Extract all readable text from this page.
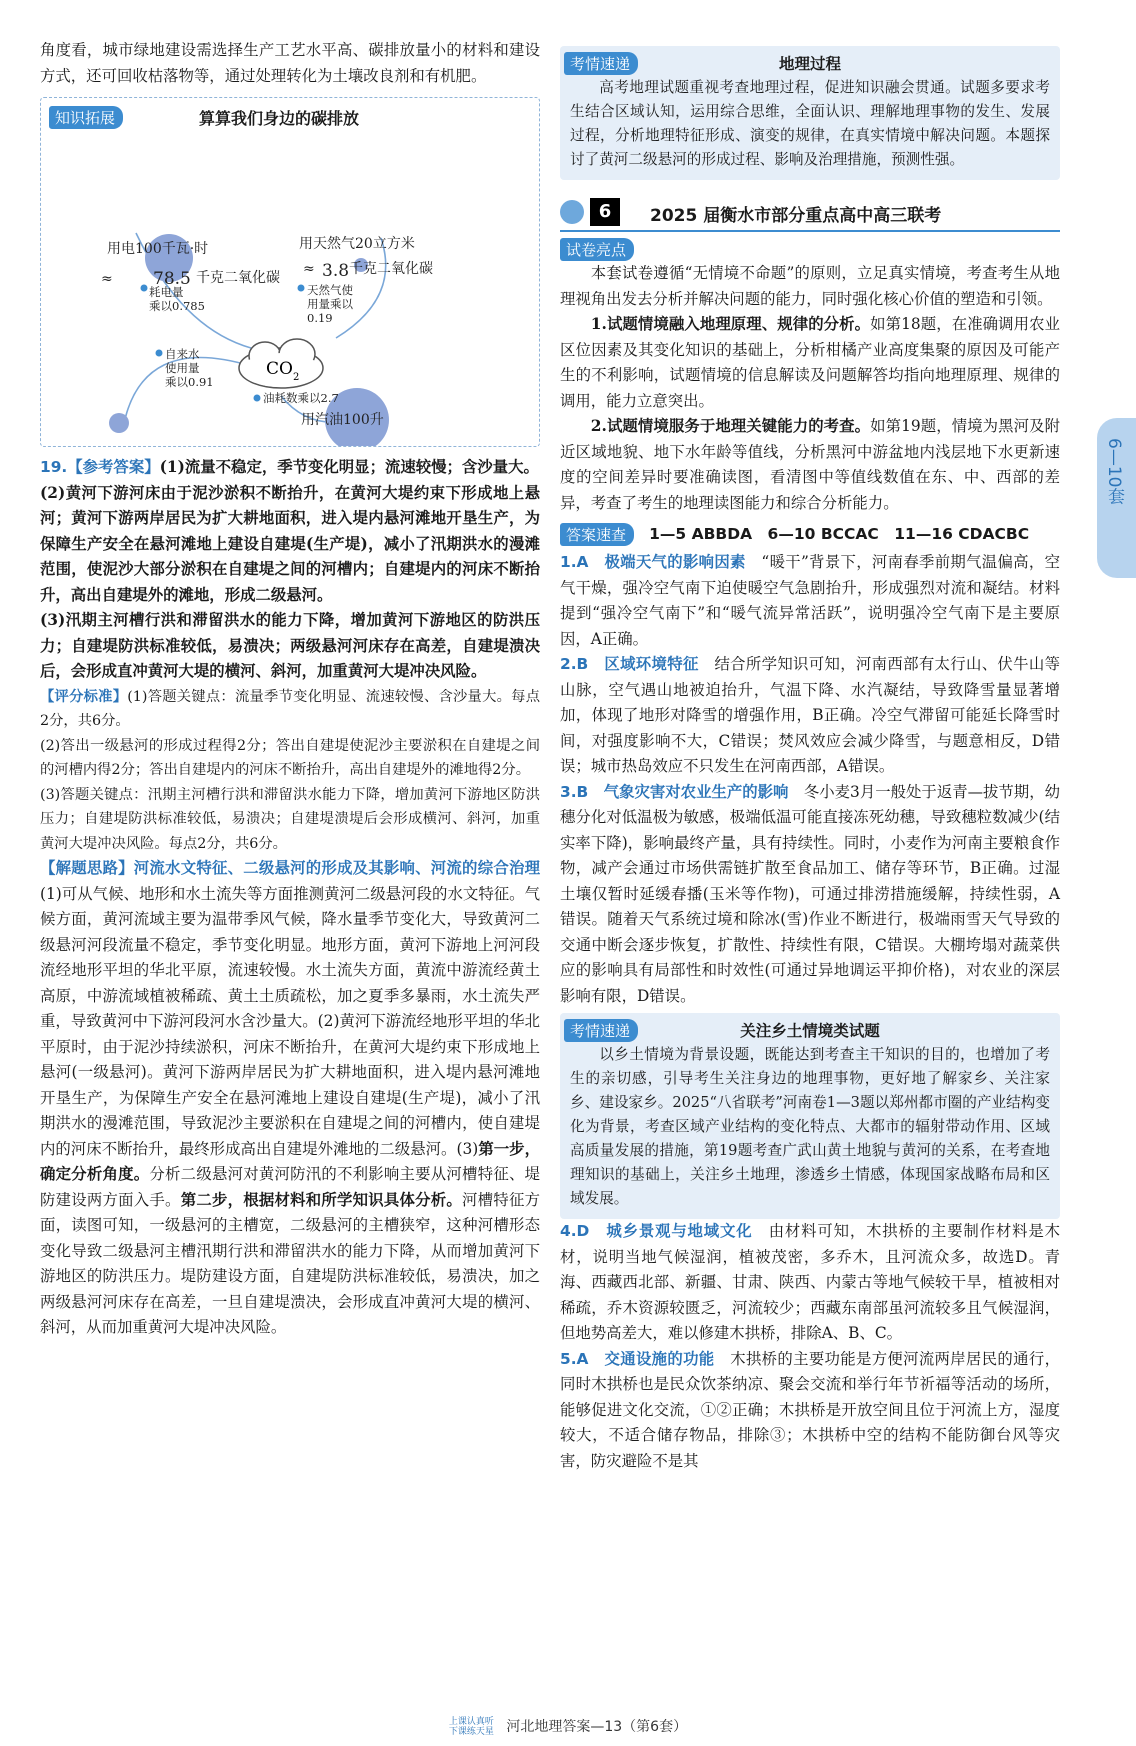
角度看，城市绿地建设需选择生产工艺水平高、碳排放量小的材料和建设方式，还可回收枯落物等，通过处理转化为土壤改良剂和有机肥。

CO 2
用电100千瓦·时
≈ 78.5 千克二氧化碳
耗电量
乘以0.785
用天然气20立方米
≈ 3.8 千克二氧化碳
天然气使
用量乘以
0.19
自来水
使用量
乘以0.91
油耗数乘以2.7
用汽油100升
知识拓展	算算我们身边的碳排放

19.【参考答案】(1)流量不稳定，季节变化明显；流速较慢；含沙量大。

(2)黄河下游河床由于泥沙淤积不断抬升，在黄河大堤约束下形成地上悬河；黄河下游两岸居民为扩大耕地面积，进入堤内悬河滩地开垦生产，为保障生产安全在悬河滩地上建设自建堤(生产堤)，减小了汛期洪水的漫滩范围，使泥沙大部分淤积在自建堤之间的河槽内；自建堤内的河床不断抬升，高出自建堤外的滩地，形成二级悬河。

(3)汛期主河槽行洪和滞留洪水的能力下降，增加黄河下游地区的防洪压力；自建堤防洪标准较低，易溃决；两级悬河河床存在高差，自建堤溃决后，会形成直冲黄河大堤的横河、斜河，加重黄河大堤冲决风险。

【评分标准】(1)答题关键点：流量季节变化明显、流速较慢、含沙量大。每点2分，共6分。

(2)答出一级悬河的形成过程得2分；答出自建堤使泥沙主要淤积在自建堤之间的河槽内得2分；答出自建堤内的河床不断抬升，高出自建堤外的滩地得2分。

(3)答题关键点：汛期主河槽行洪和滞留洪水能力下降，增加黄河下游地区防洪压力；自建堤防洪标准较低，易溃决；自建堤溃堤后会形成横河、斜河，加重黄河大堤冲决风险。每点2分，共6分。

【解题思路】河流水文特征、二级悬河的形成及其影响、河流的综合治理　(1)可从气候、地形和水土流失等方面推测黄河二级悬河段的水文特征。气候方面，黄河流域主要为温带季风气候，降水量季节变化大，导致黄河二级悬河河段流量不稳定，季节变化明显。地形方面，黄河下游地上河河段流经地形平坦的华北平原，流速较慢。水土流失方面，黄流中游流经黄土高原，中游流域植被稀疏、黄土土质疏松，加之夏季多暴雨，水土流失严重，导致黄河中下游河段河水含沙量大。(2)黄河下游流经地形平坦的华北平原时，由于泥沙持续淤积，河床不断抬升，在黄河大堤约束下形成地上悬河(一级悬河)。黄河下游两岸居民为扩大耕地面积，进入堤内悬河滩地开垦生产，为保障生产安全在悬河滩地上建设自建堤(生产堤)，减小了汛期洪水的漫滩范围，导致泥沙主要淤积在自建堤之间的河槽内，使自建堤内的河床不断抬升，最终形成高出自建堤外滩地的二级悬河。(3)第一步，确定分析角度。分析二级悬河对黄河防汛的不利影响主要从河槽特征、堤防建设两方面入手。第二步，根据材料和所学知识具体分析。河槽特征方面，读图可知，一级悬河的主槽宽，二级悬河的主槽狭窄，这种河槽形态变化导致二级悬河主槽汛期行洪和滞留洪水的能力下降，从而增加黄河下游地区的防洪压力。堤防建设方面，自建堤防洪标准较低，易溃决，加之两级悬河河床存在高差，一旦自建堤溃决，会形成直冲黄河大堤的横河、斜河，从而加重黄河大堤冲决风险。

考情速递	地理过程

高考地理试题重视考查地理过程，促进知识融会贯通。试题多要求考生结合区域认知，运用综合思维，全面认识、理解地理事物的发生、发展过程，分析地理特征形成、演变的规律，在真实情境中解决问题。本题探讨了黄河二级悬河的形成过程、影响及治理措施，预测性强。

6	2025 届衡水市部分重点高中高三联考
试卷亮点

本套试卷遵循“无情境不命题”的原则，立足真实情境，考查考生从地理视角出发去分析并解决问题的能力，同时强化核心价值的塑造和引领。

1.试题情境融入地理原理、规律的分析。如第18题，在准确调用农业区位因素及其变化知识的基础上，分析柑橘产业高度集聚的原因及可能产生的不利影响，试题情境的信息解读及问题解答均指向地理原理、规律的调用，能力立意突出。

2.试题情境服务于地理关键能力的考查。如第19题，情境为黑河及附近区域地貌、地下水年龄等值线，分析黑河中游盆地内浅层地下水更新速度的空间差异时要准确读图，看清图中等值线数值在东、中、西部的差异，考查了考生的地理读图能力和综合分析能力。

答案速查 1—5 ABBDA　6—10 BCCAC　11—16 CDACBC

1.A　 极端天气的影响因素　 “暖干”背景下，河南春季前期气温偏高，空气干燥，强冷空气南下迫使暖空气急剧抬升，形成强烈对流和凝结。材料提到“强冷空气南下”和“暖气流异常活跃”，说明强冷空气南下是主要原因，A正确。

2.B　 区域环境特征　 结合所学知识可知，河南西部有太行山、伏牛山等山脉，空气遇山地被迫抬升，气温下降、水汽凝结，导致降雪量显著增加，体现了地形对降雪的增强作用，B正确。冷空气滞留可能延长降雪时间，对强度影响不大，C错误；焚风效应会减少降雪，与题意相反，D错误；城市热岛效应不只发生在河南西部，A错误。

3.B　 气象灾害对农业生产的影响　 冬小麦3月一般处于返青—拔节期，幼穗分化对低温极为敏感，极端低温可能直接冻死幼穗，导致穗粒数减少(结实率下降)，影响最终产量，具有持续性。同时，小麦作为河南主要粮食作物，减产会通过市场供需链扩散至食品加工、储存等环节，B正确。过湿土壤仅暂时延缓春播(玉米等作物)，可通过排涝措施缓解，持续性弱，A错误。随着天气系统过境和除冰(雪)作业不断进行，极端雨雪天气导致的交通中断会逐步恢复，扩散性、持续性有限，C错误。大棚垮塌对蔬菜供应的影响具有局部性和时效性(可通过异地调运平抑价格)，对农业的深层影响有限，D错误。

考情速递	关注乡土情境类试题

以乡土情境为背景设题，既能达到考查主干知识的目的，也增加了考生的亲切感，引导考生关注身边的地理事物，更好地了解家乡、关注家乡、建设家乡。2025“八省联考”河南卷1—3题以郑州都市圈的产业结构变化为背景，考查区域产业结构的变化特点、大都市的辐射带动作用、区域高质量发展的措施，第19题考查广武山黄土地貌与黄河的关系，在考查地理知识的基础上，关注乡土地理，渗透乡土情感，体现国家战略布局和区域发展。

4.D　 城乡景观与地域文化　 由材料可知，木拱桥的主要制作材料是木材，说明当地气候湿润，植被茂密，多乔木，且河流众多，故选D。青海、西藏西北部、新疆、甘肃、陕西、内蒙古等地气候较干旱，植被相对稀疏，乔木资源较匮乏，河流较少；西藏东南部虽河流较多且气候湿润，但地势高差大，难以修建木拱桥，排除A、B、C。

5.A　 交通设施的功能　 木拱桥的主要功能是方便河流两岸居民的通行，同时木拱桥也是民众饮茶纳凉、聚会交流和举行年节祈福等活动的场所，能够促进文化交流，①②正确；木拱桥是开放空间且位于河流上方，湿度较大，不适合储存物品，排除③；木拱桥中空的结构不能防御台风等灾害，防灾避险不是其

6—10套
上课认真听
下课练天星 河北地理答案—13（第6套）
